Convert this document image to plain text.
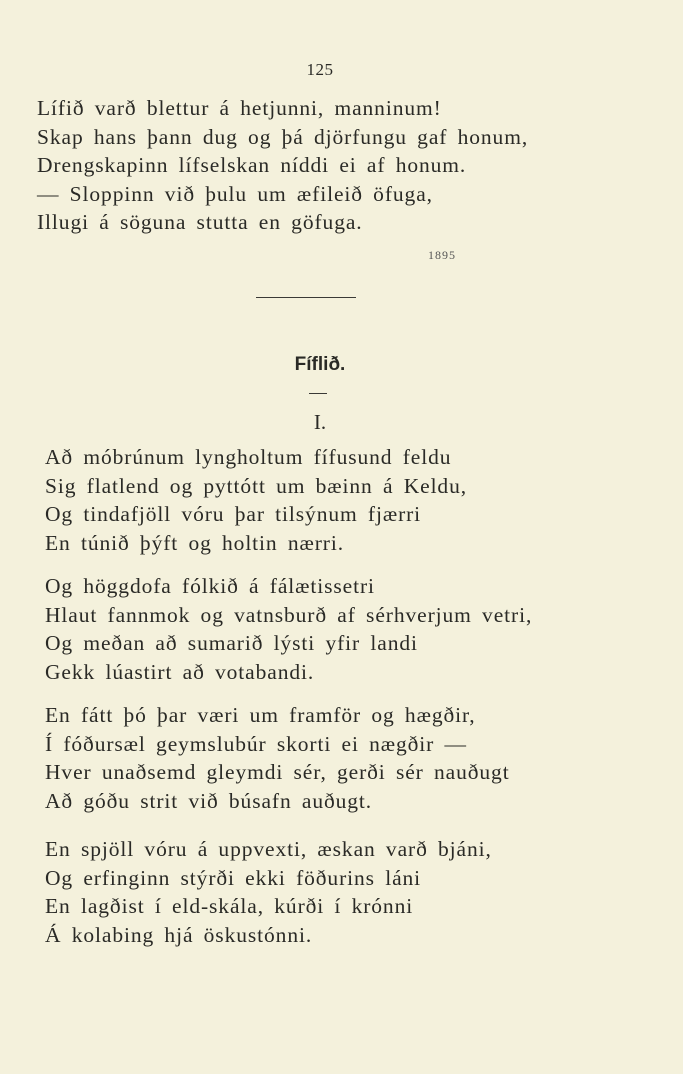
125
Lífið varð blettur á hetjunni, manninum!
Skap hans þann dug og þá djörfungu gaf honum,
Drengskapinn lífselskan níddi ei af honum.
— Sloppinn við þulu um æfileið öfuga,
Illugi á söguna stutta en göfuga.
1895
Fíflið.
I.
Að móbrúnum lyngholtum fífusund feldu
Sig flatlend og pyttótt um bæinn á Keldu,
Og tindafjöll vóru þar tilsýnum fjærri
En túnið þýft og holtin nærri.
Og höggdofa fólkið á fálætissetri
Hlaut fannmok og vatnsburð af sérhverjum vetri,
Og meðan að sumarið lýsti yfir landi
Gekk lúastirt að votabandi.
En fátt þó þar væri um framför og hægðir,
Í fóðursæl geymslubúr skorti ei nægðir —
Hver unaðsemd gleymdi sér, gerði sér nauðugt
Að góðu strit við búsafn auðugt.
En spjöll vóru á uppvexti, æskan varð bjáni,
Og erfinginn stýrði ekki föðurins láni
En lagðist í eld-skála, kúrði í krónni
Á kolabing hjá öskustónni.
